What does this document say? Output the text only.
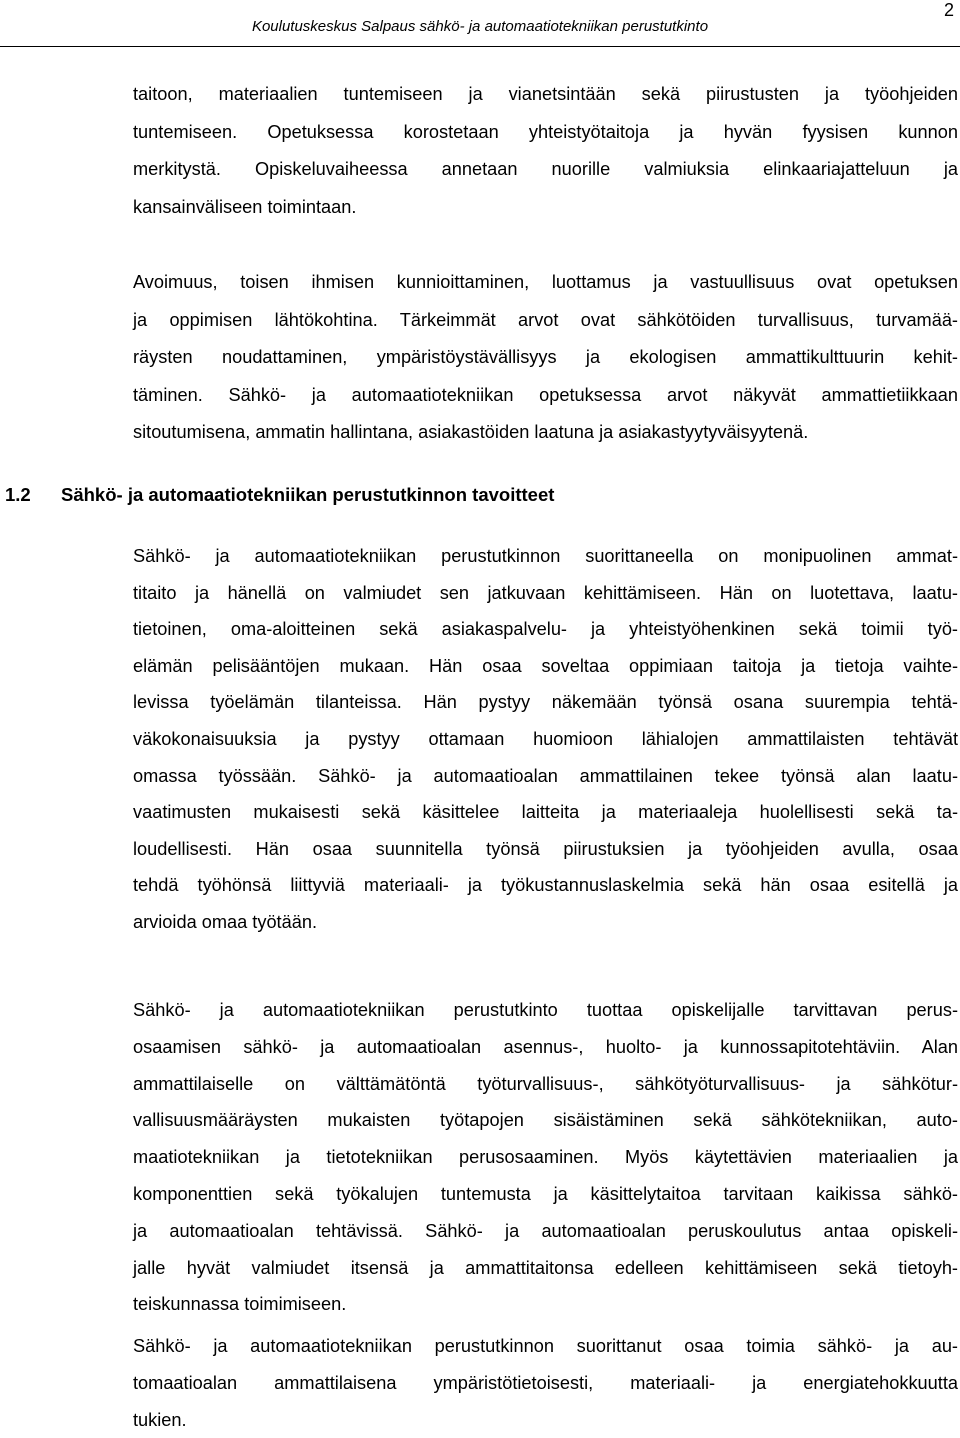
Koulutuskeskus Salpaus sähkö- ja automaatiotekniikan perustutkinto
2
taitoon, materiaalien tuntemiseen ja vianetsintään sekä piirustusten ja työohjeiden
tuntemiseen. Opetuksessa korostetaan yhteistyötaitoja ja hyvän fyysisen kunnon
merkitystä. Opiskeluvaiheessa annetaan nuorille valmiuksia elinkaariajatteluun ja
kansainväliseen toimintaan.
Avoimuus, toisen ihmisen kunnioittaminen, luottamus ja vastuullisuus ovat opetuksen
ja oppimisen lähtökohtina. Tärkeimmät arvot ovat sähkötöiden turvallisuus, turvamää-
räysten noudattaminen, ympäristöystävällisyys ja ekologisen ammattikulttuurin kehit-
täminen. Sähkö- ja automaatiotekniikan opetuksessa arvot näkyvät ammattietiikkaan
sitoutumisena, ammatin hallintana, asiakastöiden laatuna ja asiakastyytyväisyytenä.
1.2 Sähkö- ja automaatiotekniikan perustutkinnon tavoitteet
Sähkö- ja automaatiotekniikan perustutkinnon suorittaneella on monipuolinen ammat-
titaito ja hänellä on valmiudet sen jatkuvaan kehittämiseen. Hän on luotettava, laatu-
tietoinen, oma-aloitteinen sekä asiakaspalvelu- ja yhteistyöhenkinen sekä toimii työ-
elämän pelisääntöjen mukaan. Hän osaa soveltaa oppimiaan taitoja ja tietoja vaihte-
levissa työelämän tilanteissa. Hän pystyy näkemään työnsä osana suurempia tehtä-
väkokonaisuuksia ja pystyy ottamaan huomioon lähialojen ammattilaisten tehtävät
omassa työssään. Sähkö- ja automaatioalan ammattilainen tekee työnsä alan laatu-
vaatimusten mukaisesti sekä käsittelee laitteita ja materiaaleja huolellisesti sekä ta-
loudellisesti. Hän osaa suunnitella työnsä piirustuksien ja työohjeiden avulla, osaa
tehdä työhönsä liittyviä materiaali- ja työkustannuslaskelmia sekä hän osaa esitellä ja
arvioida omaa työtään.
Sähkö- ja automaatiotekniikan perustutkinto tuottaa opiskelijalle tarvittavan perus-
osaamisen sähkö- ja automaatioalan asennus-, huolto- ja kunnossapitotehtäviin. Alan
ammattilaiselle on välttämätöntä työturvallisuus-, sähkötyöturvallisuus- ja sähkötur-
vallisuusmääräysten mukaisten työtapojen sisäistäminen sekä sähkötekniikan, auto-
maatiotekniikan ja tietotekniikan perusosaaminen. Myös käytettävien materiaalien ja
komponenttien sekä työkalujen tuntemusta ja käsittelytaitoa tarvitaan kaikissa sähkö-
ja automaatioalan tehtävissä. Sähkö- ja automaatioalan peruskoulutus antaa opiskeli-
jalle hyvät valmiudet itsensä ja ammattitaitonsa edelleen kehittämiseen sekä tietoyh-
teiskunnassa toimimiseen.
Sähkö- ja automaatiotekniikan perustutkinnon suorittanut osaa toimia sähkö- ja au-
tomaatioalan ammattilaisena ympäristötietoisesti, materiaali- ja energiatehokkuutta
tukien.
